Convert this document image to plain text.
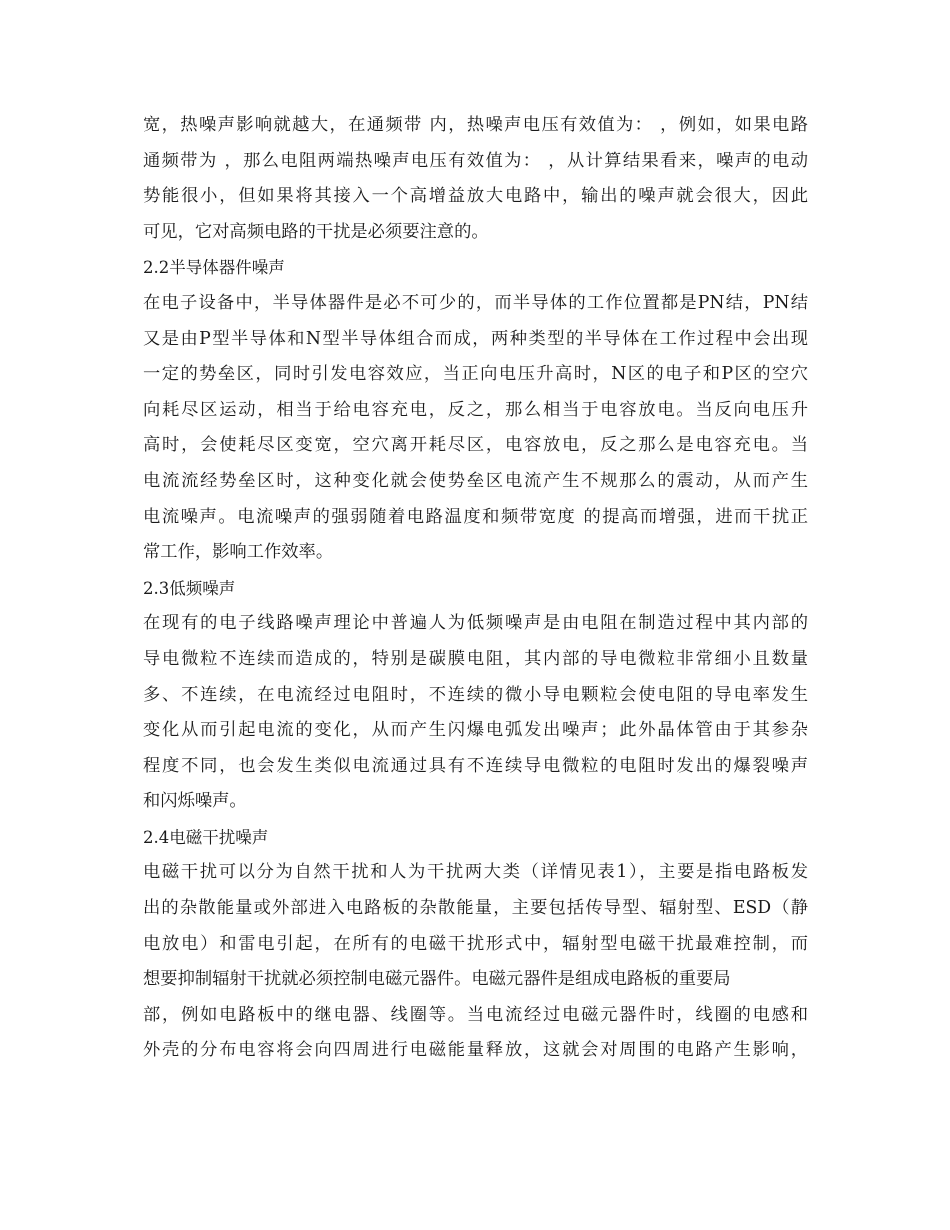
宽，热噪声影响就越大，在通频带 内，热噪声电压有效值为： ，例如，如果电路
通频带为 ，那么电阻两端热噪声电压有效值为： ，从计算结果看来，噪声的电动
势能很小，但如果将其接入一个高增益放大电路中，输出的噪声就会很大，因此
可见，它对高频电路的干扰是必须要注意的。
2.2半导体器件噪声
在电子设备中，半导体器件是必不可少的，而半导体的工作位置都是PN结，PN结
又是由P型半导体和N型半导体组合而成，两种类型的半导体在工作过程中会出现
一定的势垒区，同时引发电容效应，当正向电压升高时，N区的电子和P区的空穴
向耗尽区运动，相当于给电容充电，反之，那么相当于电容放电。当反向电压升
高时，会使耗尽区变宽，空穴离开耗尽区，电容放电，反之那么是电容充电。当
电流流经势垒区时，这种变化就会使势垒区电流产生不规那么的震动，从而产生
电流噪声。电流噪声的强弱随着电路温度和频带宽度 的提高而增强，进而干扰正
常工作，影响工作效率。
2.3低频噪声
在现有的电子线路噪声理论中普遍人为低频噪声是由电阻在制造过程中其内部的
导电微粒不连续而造成的，特别是碳膜电阻，其内部的导电微粒非常细小且数量
多、不连续，在电流经过电阻时，不连续的微小导电颗粒会使电阻的导电率发生
变化从而引起电流的变化，从而产生闪爆电弧发出噪声；此外晶体管由于其参杂
程度不同，也会发生类似电流通过具有不连续导电微粒的电阻时发出的爆裂噪声
和闪烁噪声。
2.4电磁干扰噪声
电磁干扰可以分为自然干扰和人为干扰两大类（详情见表1），主要是指电路板发
出的杂散能量或外部进入电路板的杂散能量，主要包括传导型、辐射型、ESD（静
电放电）和雷电引起，在所有的电磁干扰形式中，辐射型电磁干扰最难控制，而
想要抑制辐射干扰就必须控制电磁元器件。电磁元器件是组成电路板的重要局
部，例如电路板中的继电器、线圈等。当电流经过电磁元器件时，线圈的电感和
外壳的分布电容将会向四周进行电磁能量释放，这就会对周围的电路产生影响，
